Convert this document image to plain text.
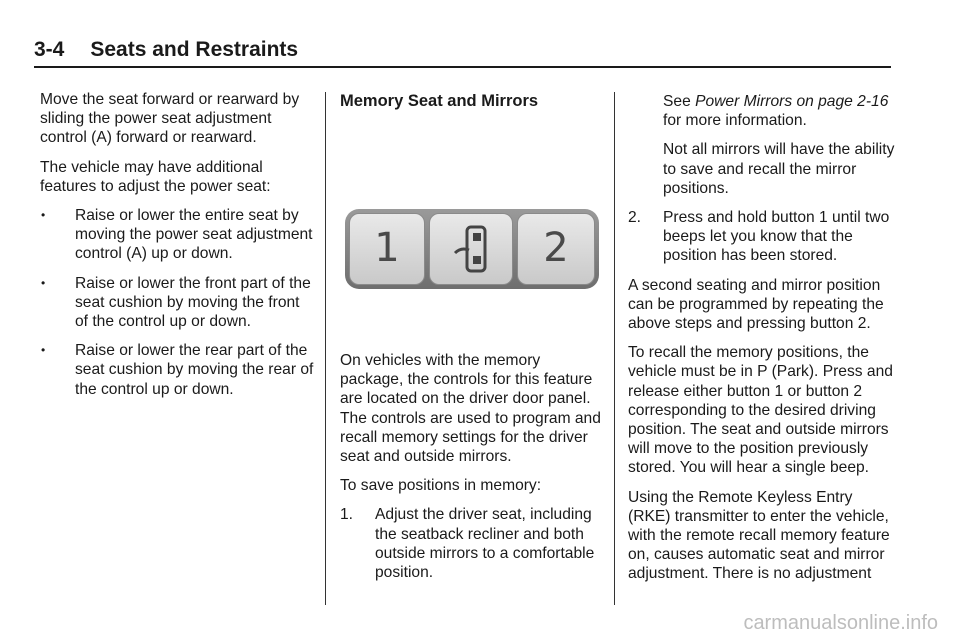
3-4 Seats and Restraints

Move the seat forward or rearward by sliding the power seat adjustment control (A) forward or rearward.

The vehicle may have additional features to adjust the power seat:

• Raise or lower the entire seat by moving the power seat adjustment control (A) up or down.
• Raise or lower the front part of the seat cushion by moving the front of the control up or down.
• Raise or lower the rear part of the seat cushion by moving the rear of the control up or down.
Memory Seat and Mirrors
1	2

On vehicles with the memory package, the controls for this feature are located on the driver door panel. The controls are used to program and recall memory settings for the driver seat and outside mirrors.

To save positions in memory:

1. Adjust the driver seat, including the seatback recliner and both outside mirrors to a comfortable position.

See Power Mirrors on page 2-16 for more information.

Not all mirrors will have the ability to save and recall the mirror positions.

2. Press and hold button 1 until two beeps let you know that the position has been stored.

A second seating and mirror position can be programmed by repeating the above steps and pressing button 2.

To recall the memory positions, the vehicle must be in P (Park). Press and release either button 1 or button 2 corresponding to the desired driving position. The seat and outside mirrors will move to the position previously stored. You will hear a single beep.

Using the Remote Keyless Entry (RKE) transmitter to enter the vehicle, with the remote recall memory feature on, causes automatic seat and mirror adjustment. There is no adjustment

carmanualsonline.info
